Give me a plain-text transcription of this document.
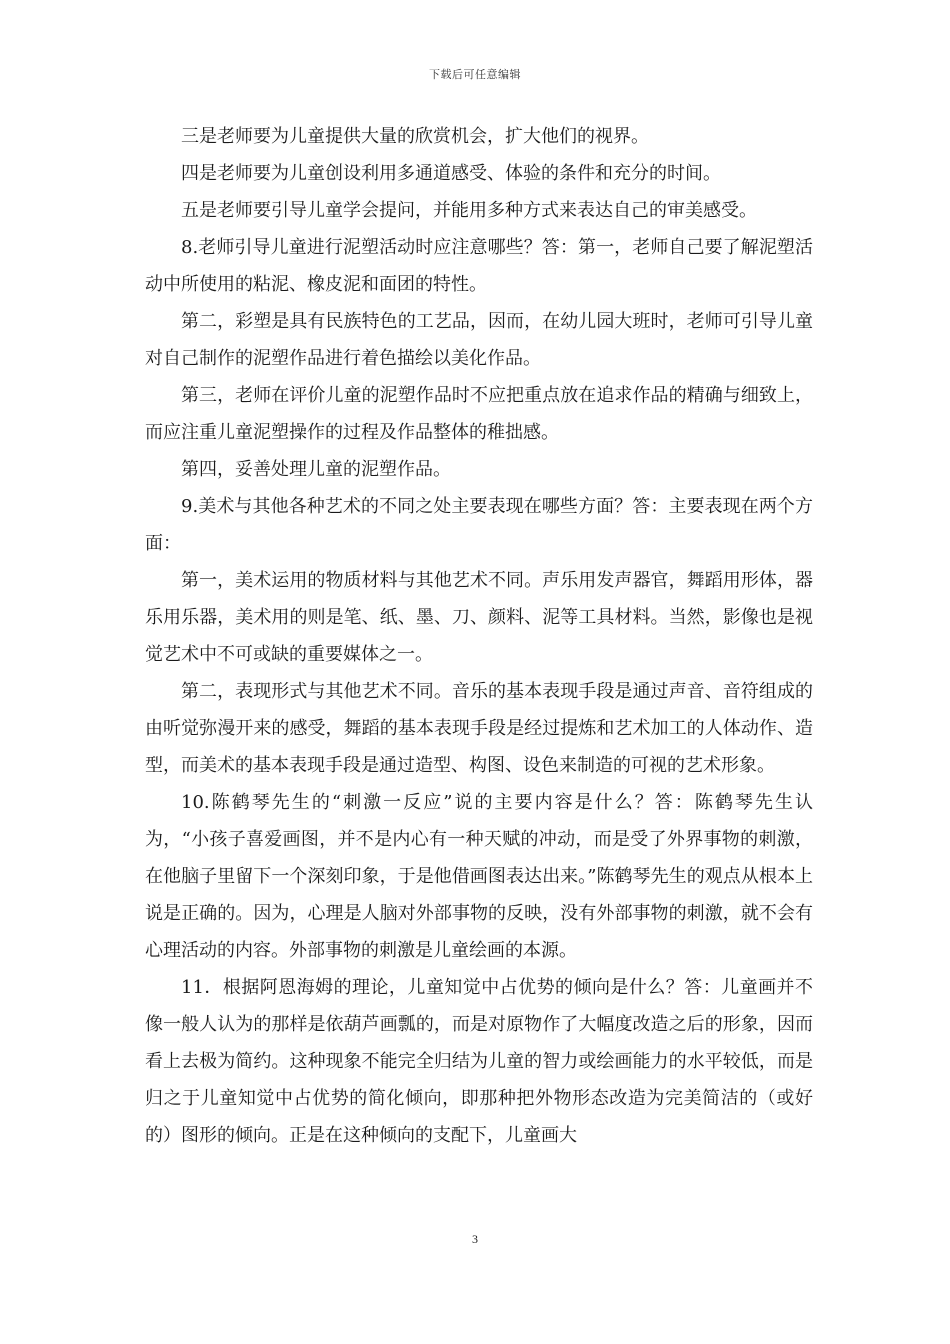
下载后可任意编辑

三是老师要为儿童提供大量的欣赏机会，扩大他们的视界。

四是老师要为儿童创设利用多通道感受、体验的条件和充分的时间。

五是老师要引导儿童学会提问，并能用多种方式来表达自己的审美感受。

8.老师引导儿童进行泥塑活动时应注意哪些？答：第一，老师自己要了解泥塑活动中所使用的粘泥、橡皮泥和面团的特性。

第二，彩塑是具有民族特色的工艺品，因而，在幼儿园大班时，老师可引导儿童对自己制作的泥塑作品进行着色描绘以美化作品。

第三，老师在评价儿童的泥塑作品时不应把重点放在追求作品的精确与细致上，而应注重儿童泥塑操作的过程及作品整体的稚拙感。

第四，妥善处理儿童的泥塑作品。

9.美术与其他各种艺术的不同之处主要表现在哪些方面？答：主要表现在两个方面：

第一，美术运用的物质材料与其他艺术不同。声乐用发声器官，舞蹈用形体，器乐用乐器，美术用的则是笔、纸、墨、刀、颜料、泥等工具材料。当然，影像也是视觉艺术中不可或缺的重要媒体之一。

第二，表现形式与其他艺术不同。音乐的基本表现手段是通过声音、音符组成的由听觉弥漫开来的感受，舞蹈的基本表现手段是经过提炼和艺术加工的人体动作、造型，而美术的基本表现手段是通过造型、构图、设色来制造的可视的艺术形象。

10.陈鹤琴先生的“刺激一反应”说的主要内容是什么？答：陈鹤琴先生认为，“小孩子喜爱画图，并不是内心有一种天赋的冲动，而是受了外界事物的刺激，在他脑子里留下一个深刻印象，于是他借画图表达出来。”陈鹤琴先生的观点从根本上说是正确的。因为，心理是人脑对外部事物的反映，没有外部事物的刺激，就不会有心理活动的内容。外部事物的刺激是儿童绘画的本源。

11．根据阿恩海姆的理论，儿童知觉中占优势的倾向是什么？答：儿童画并不像一般人认为的那样是依葫芦画瓢的，而是对原物作了大幅度改造之后的形象，因而看上去极为简约。这种现象不能完全归结为儿童的智力或绘画能力的水平较低，而是归之于儿童知觉中占优势的简化倾向，即那种把外物形态改造为完美简洁的（或好的）图形的倾向。正是在这种倾向的支配下，儿童画大

3
